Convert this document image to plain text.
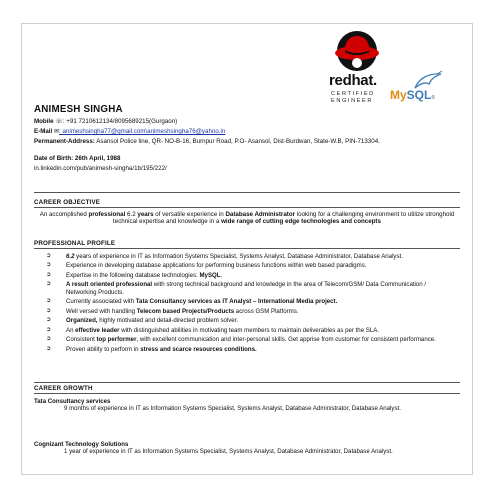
redhat.
CERTIFIED
ENGINEER MySQL®
ANIMESH SINGHA
Mobile ☏: +91 7210612134/8095689215(Gurgaon)
E-Mail ✉: animeshsingha77@gmail.com\animeshsingha76@yahoo.in
Permanent-Address: Asansol Police line, QR- NO-B-16, Burnpur Road, P.O- Asansol, Dist-Burdwan, State-W.B, PIN-713304.
Date of Birth: 26th April, 1988
in.linkedin.com/pub/animesh-singha/1b/195/222/
CAREER OBJECTIVE
An accomplished professional 6.2 years of versatile experience in Database Administrator looking for a challenging environment to utilize stronghold technical expertise and knowledge in a wide range of cutting edge technologies and concepts
PROFESSIONAL PROFILE
➲ 6.2 years of experience in IT as Information Systems Specialist, Systems Analyst, Database Administrator, Database Analyst.
➲ Experience in developing database applications for performing business functions within web based paradigms.
➲ Expertise in the following database technologies: MySQL.
➲ A result oriented professional with strong technical background and knowledge in the area of Telecom/GSM/ Data Communication / Networking Products.
➲ Currently associated with Tata Consultancy services as IT Analyst – International Media project.
➲ Well versed with handling Telecom based Projects/Products across GSM Platforms.
➲ Organized, highly motivated and detail-directed problem solver.
➲ An effective leader with distinguished abilities in motivating team members to maintain deliverables as per the SLA.
➲ Consistent top performer, with excellent communication and inter-personal skills. Get apprise from customer for consistent performance.
➲ Proven ability to perform in stress and scarce resources conditions.
CAREER GROWTH
Tata Consultancy services
9 months of experience in IT as Information Systems Specialist, Systems Analyst, Database Administrator, Database Analyst.
Cognizant Technology Solutions
1 year of experience in IT as Information Systems Specialist, Systems Analyst, Database Administrator, Database Analyst.
